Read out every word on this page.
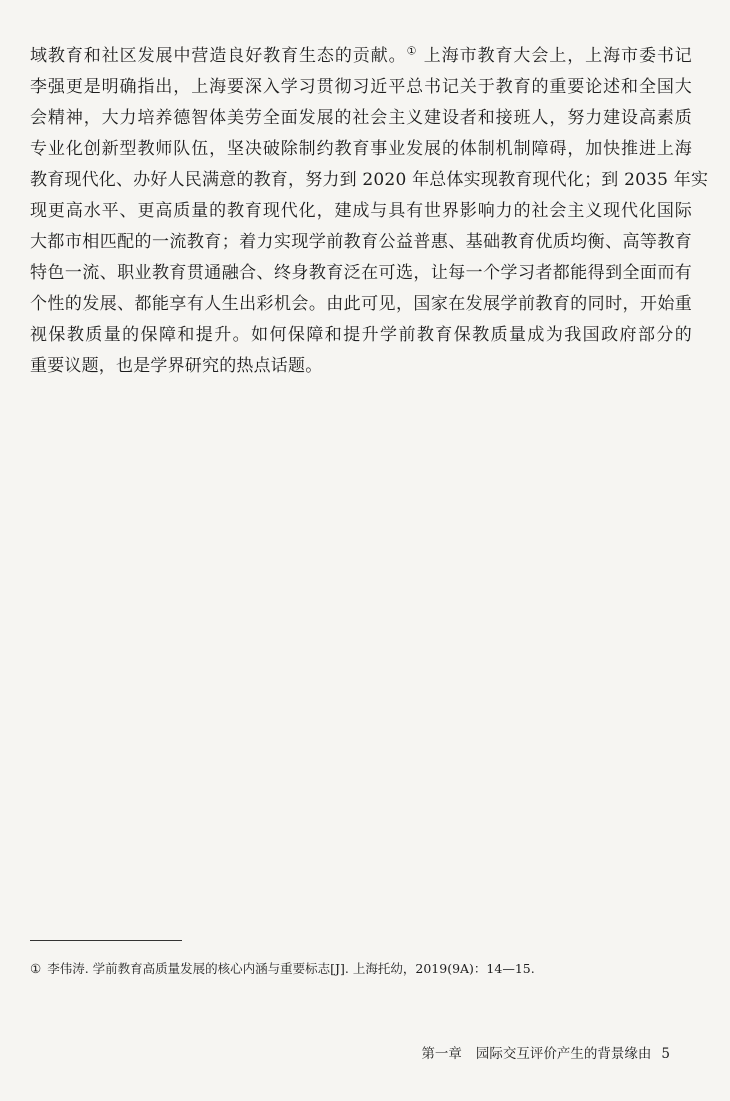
域教育和社区发展中营造良好教育生态的贡献。① 上海市教育大会上，上海市委书记
李强更是明确指出，上海要深入学习贯彻习近平总书记关于教育的重要论述和全国大
会精神，大力培养德智体美劳全面发展的社会主义建设者和接班人，努力建设高素质
专业化创新型教师队伍，坚决破除制约教育事业发展的体制机制障碍，加快推进上海
教育现代化、办好人民满意的教育，努力到 2020 年总体实现教育现代化；到 2035 年实
现更高水平、更高质量的教育现代化，建成与具有世界影响力的社会主义现代化国际
大都市相匹配的一流教育；着力实现学前教育公益普惠、基础教育优质均衡、高等教育
特色一流、职业教育贯通融合、终身教育泛在可选，让每一个学习者都能得到全面而有
个性的发展、都能享有人生出彩机会。由此可见，国家在发展学前教育的同时，开始重
视保教质量的保障和提升。如何保障和提升学前教育保教质量成为我国政府部分的
重要议题，也是学界研究的热点话题。
① 李伟涛. 学前教育高质量发展的核心内涵与重要标志[J]. 上海托幼，2019(9A)：14—15.
第一章 园际交互评价产生的背景缘由 5
